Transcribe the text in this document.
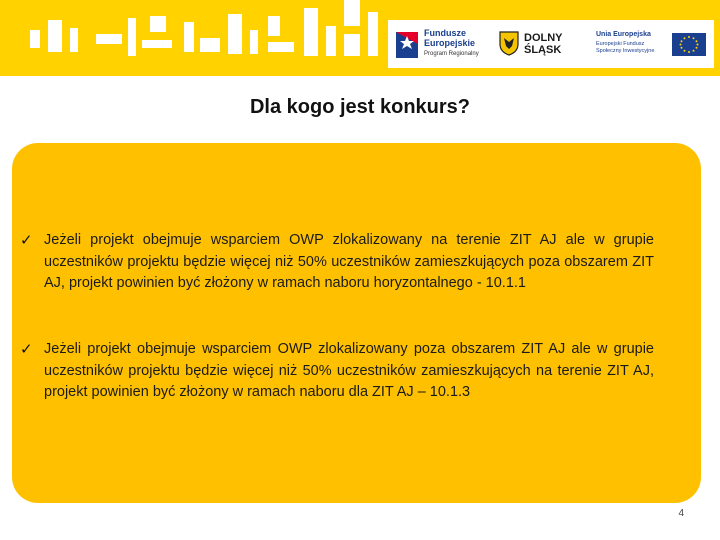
Fundusze
Europejskie
Program Regionalny
DOLNY
ŚLĄSK
Unia Europejska
Europejski Fundusz
Społeczny Inwestycyjne
Dla kogo jest konkurs?
✓ Jeżeli projekt obejmuje wsparciem OWP zlokalizowany na terenie ZIT AJ ale w grupie uczestników projektu będzie więcej niż 50% uczestników zamieszkujących poza obszarem ZIT AJ, projekt powinien być złożony w ramach naboru horyzontalnego - 10.1.1
✓ Jeżeli projekt obejmuje wsparciem OWP zlokalizowany poza obszarem ZIT AJ ale w grupie uczestników projektu będzie więcej niż 50% uczestników zamieszkujących na terenie ZIT AJ, projekt powinien być złożony w ramach naboru dla ZIT AJ – 10.1.3
4
